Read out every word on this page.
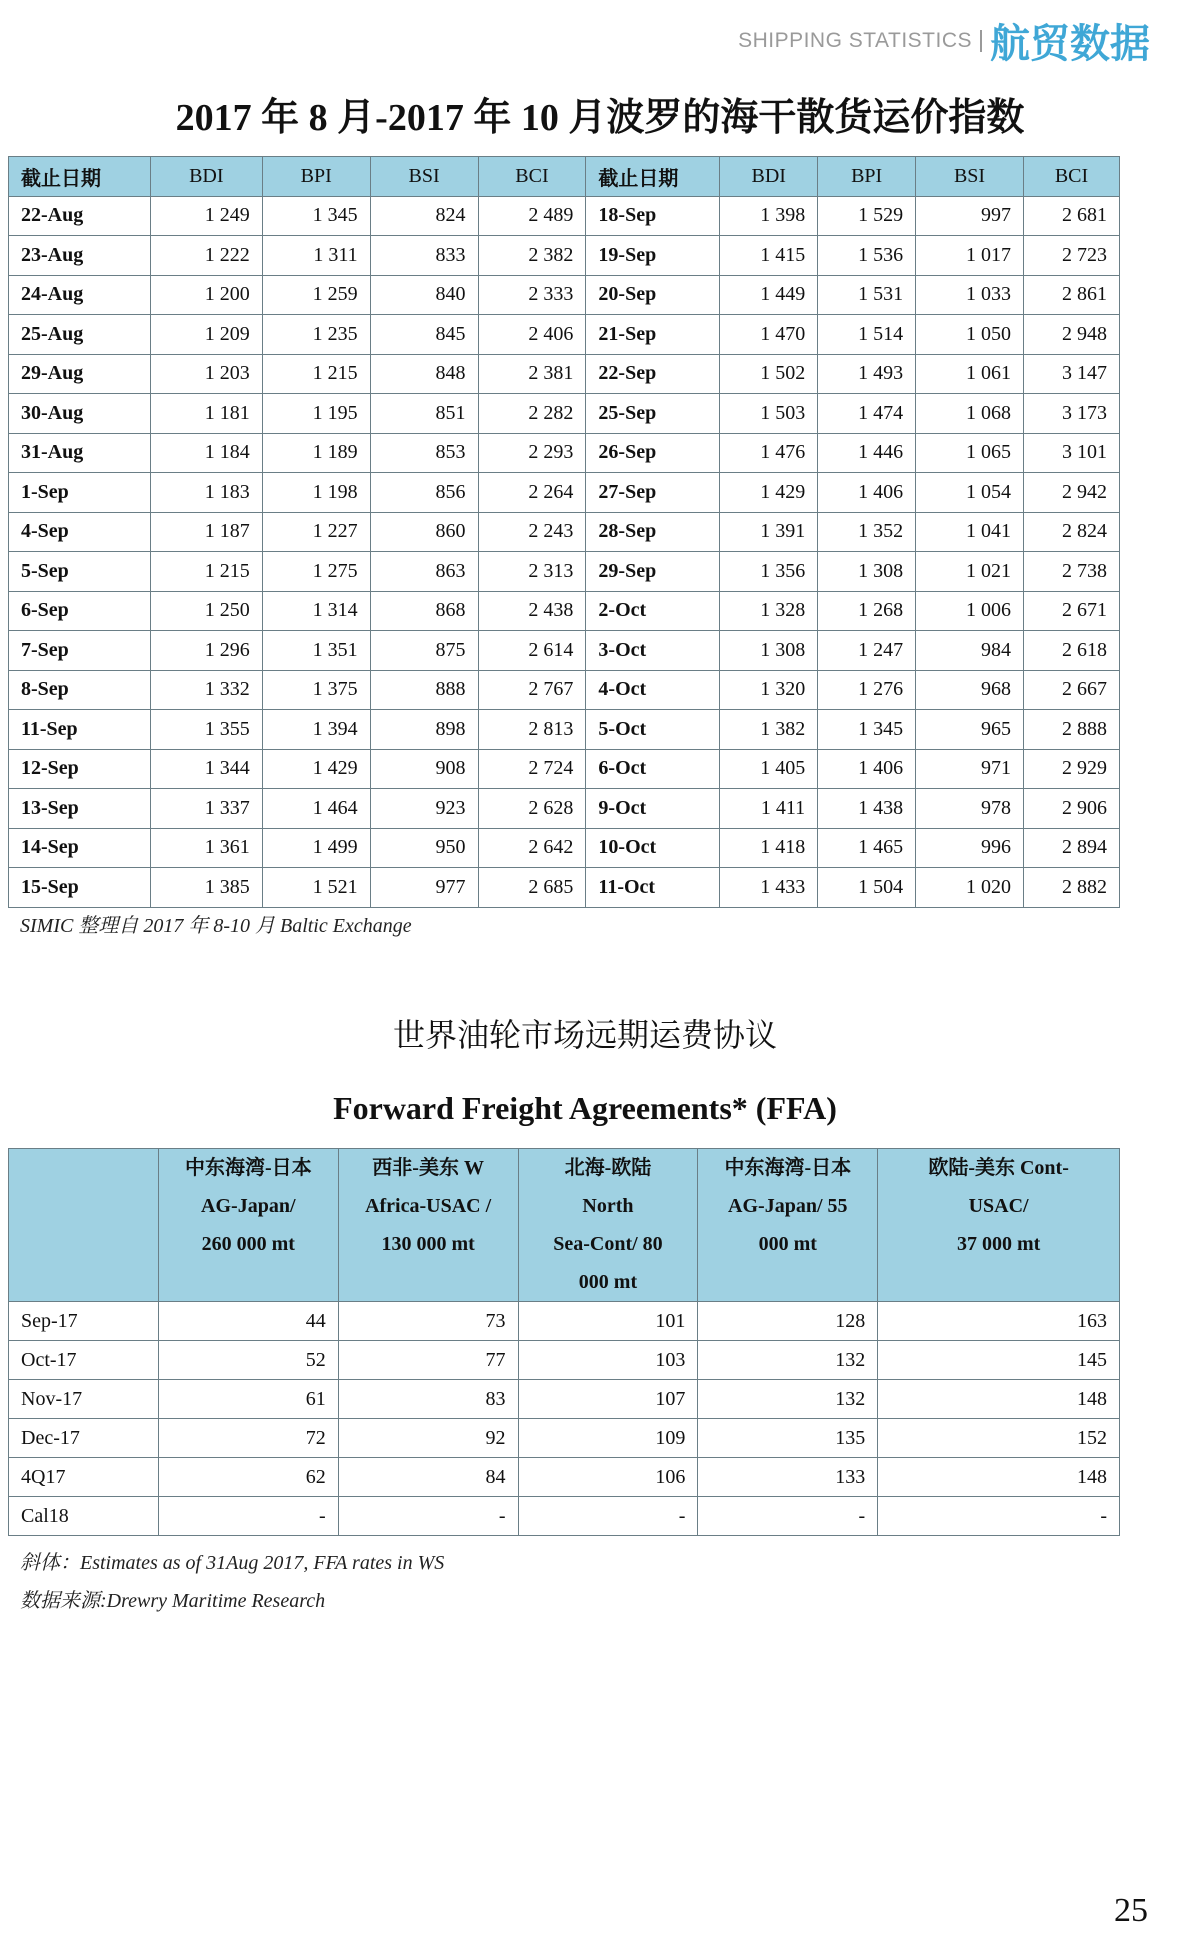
SHIPPING STATISTICS 航贸数据
2017 年 8 月-2017 年 10 月波罗的海干散货运价指数
截止日期	BDI	BPI	BSI	BCI	截止日期	BDI	BPI	BSI	BCI
22-Aug	1 249	1 345	824	2 489	18-Sep	1 398	1 529	997	2 681
23-Aug	1 222	1 311	833	2 382	19-Sep	1 415	1 536	1 017	2 723
24-Aug	1 200	1 259	840	2 333	20-Sep	1 449	1 531	1 033	2 861
25-Aug	1 209	1 235	845	2 406	21-Sep	1 470	1 514	1 050	2 948
29-Aug	1 203	1 215	848	2 381	22-Sep	1 502	1 493	1 061	3 147
30-Aug	1 181	1 195	851	2 282	25-Sep	1 503	1 474	1 068	3 173
31-Aug	1 184	1 189	853	2 293	26-Sep	1 476	1 446	1 065	3 101
1-Sep	1 183	1 198	856	2 264	27-Sep	1 429	1 406	1 054	2 942
4-Sep	1 187	1 227	860	2 243	28-Sep	1 391	1 352	1 041	2 824
5-Sep	1 215	1 275	863	2 313	29-Sep	1 356	1 308	1 021	2 738
6-Sep	1 250	1 314	868	2 438	2-Oct	1 328	1 268	1 006	2 671
7-Sep	1 296	1 351	875	2 614	3-Oct	1 308	1 247	984	2 618
8-Sep	1 332	1 375	888	2 767	4-Oct	1 320	1 276	968	2 667
11-Sep	1 355	1 394	898	2 813	5-Oct	1 382	1 345	965	2 888
12-Sep	1 344	1 429	908	2 724	6-Oct	1 405	1 406	971	2 929
13-Sep	1 337	1 464	923	2 628	9-Oct	1 411	1 438	978	2 906
14-Sep	1 361	1 499	950	2 642	10-Oct	1 418	1 465	996	2 894
15-Sep	1 385	1 521	977	2 685	11-Oct	1 433	1 504	1 020	2 882
SIMIC 整理自 2017 年 8-10 月 Baltic Exchange
世界油轮市场远期运费协议
Forward Freight Agreements* (FFA)

	中东海湾-日本
AG-Japan/
260 000 mt	西非-美东 W
Africa-USAC /
130 000 mt	北海-欧陆
North
Sea-Cont/ 80
000 mt	中东海湾-日本
AG-Japan/ 55
000 mt	欧陆-美东 Cont-
USAC/
37 000 mt

Sep-17	44	73	101	128	163
Oct-17	52	77	103	132	145
Nov-17	61	83	107	132	148
Dec-17	72	92	109	135	152
4Q17	62	84	106	133	148
Cal18	-	-	-	-	-
斜体：Estimates as of 31Aug 2017, FFA rates in WS
数据来源:Drewry Maritime Research
25
